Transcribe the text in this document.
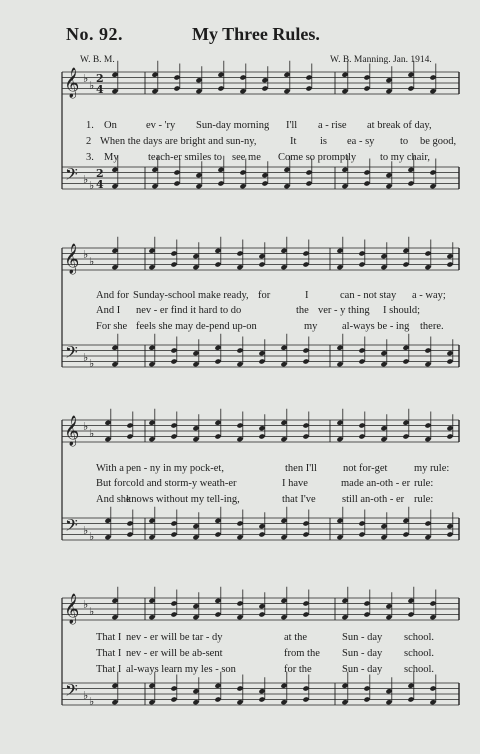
No. 92.	My Three Rules.
W. B. M.	W. B. Manning. Jan. 1914.
𝄞
𝄢
♭
♭
♭ ♭
2
4
2
4
𝄞
𝄢
♭
♭
♭ ♭
𝄞
𝄢
♭
♭
♭ ♭
𝄞
𝄢
♭
♭
♭ ♭
1. On	ev - 'ry Sun-day morning I'll a - rise at break of day,
2 When the days are bright and sun-ny,	It is ea - sy to be good,
3. My	teach-er smiles to see me Come so promptly to my chair,
And for Sunday-school make ready, for	I	can - not stay a - way;
And I nev - er find it hard to do	the ver - y thing I should;
For she feels she may de-pend up-on	my al-ways be - ing there.
With a pen - ny in my pock-et,	then I'll not for-get	my rule:
But for cold and storm-y weath-er	I have	made an-oth - er rule:
And she
knows without my tell-ing,	that I've	still an-oth - er rule:
That I nev - er will be tar - dy	at the	Sun - day school.
That I nev - er will be ab-sent	from the Sun - day school.
That I al-ways learn my les - son	for the	Sun - day school.
